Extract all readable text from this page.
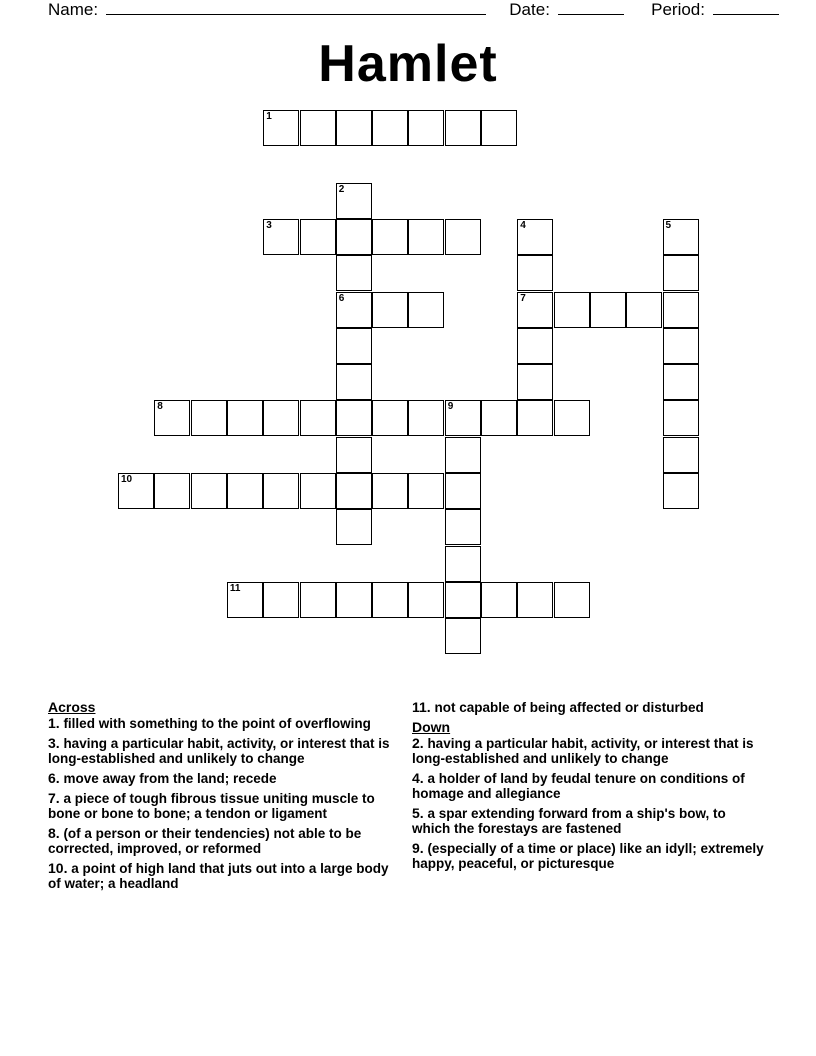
Name:	Date:	Period:
Hamlet
1
3
6	7
8	9
10
11
2
4	5
Across
1. filled with something to the point of overflowing
3. having a particular habit, activity, or interest that is long-established and unlikely to change
6. move away from the land; recede
7. a piece of tough fibrous tissue uniting muscle to bone or bone to bone; a tendon or ligament
8. (of a person or their tendencies) not able to be corrected, improved, or reformed
10. a point of high land that juts out into a large body of water; a headland
11. not capable of being affected or disturbed
Down
2. having a particular habit, activity, or interest that is long-established and unlikely to change
4. a holder of land by feudal tenure on conditions of homage and allegiance
5. a spar extending forward from a ship's bow, to which the forestays are fastened
9. (especially of a time or place) like an idyll; extremely happy, peaceful, or picturesque
